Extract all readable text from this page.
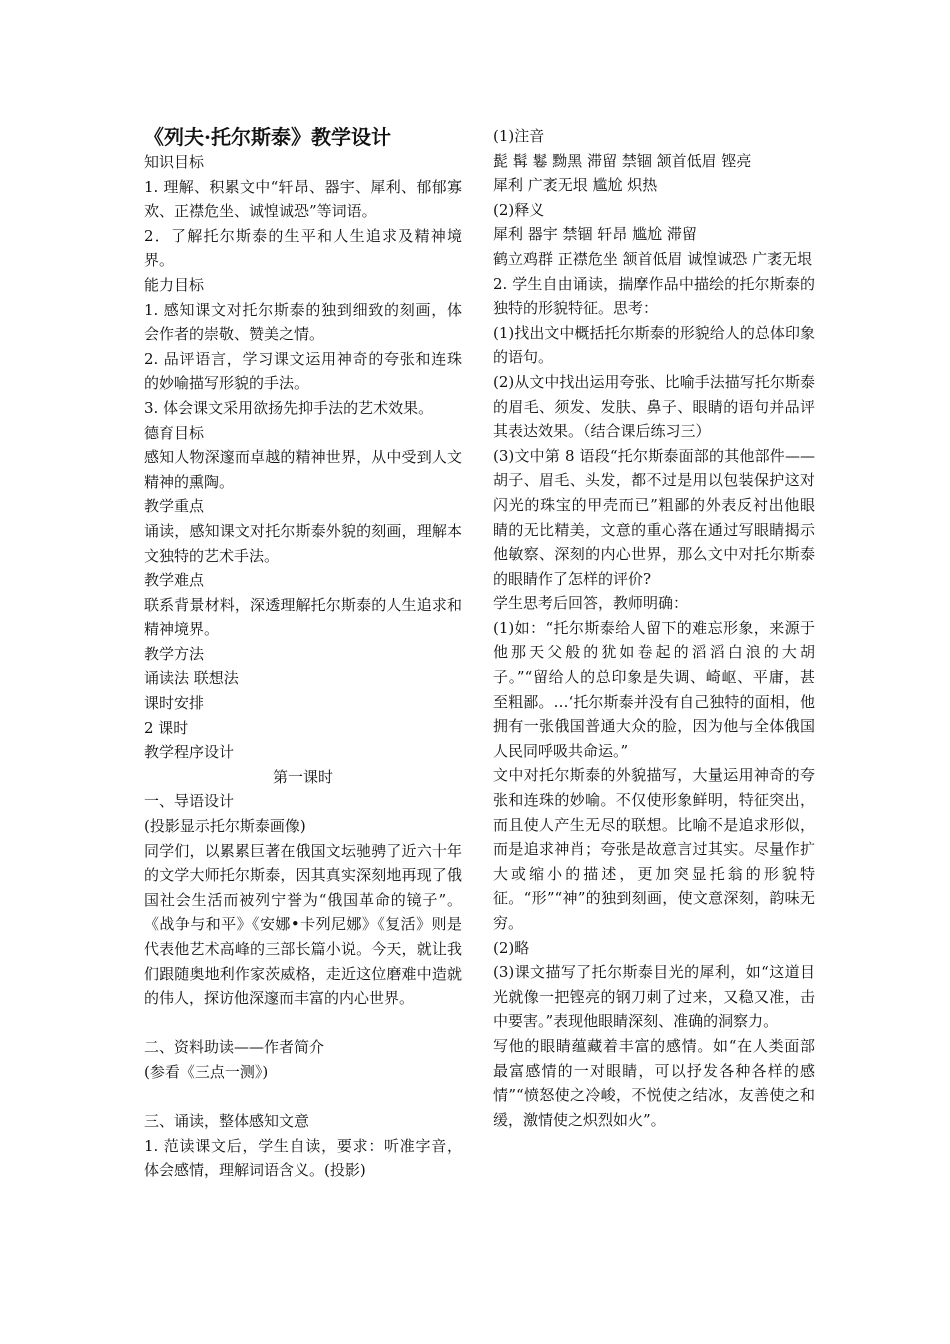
《列夫·托尔斯泰》教学设计

知识目标

1. 理解、积累文中“轩昂、器宇、犀利、郁郁寡欢、正襟危坐、诚惶诚恐”等词语。

2．了解托尔斯泰的生平和人生追求及精神境界。

能力目标

1. 感知课文对托尔斯泰的独到细致的刻画，体会作者的崇敬、赞美之情。

2. 品评语言，学习课文运用神奇的夸张和连珠的妙喻描写形貌的手法。

3. 体会课文采用欲扬先抑手法的艺术效果。

德育目标

感知人物深邃而卓越的精神世界，从中受到人文精神的熏陶。

教学重点

诵读，感知课文对托尔斯泰外貌的刻画，理解本文独特的艺术手法。

教学难点

联系背景材料，深透理解托尔斯泰的人生追求和精神境界。

教学方法

诵读法 联想法

课时安排

2 课时

教学程序设计

第一课时

一、导语设计

(投影显示托尔斯泰画像)

同学们，以累累巨著在俄国文坛驰骋了近六十年的文学大师托尔斯泰，因其真实深刻地再现了俄国社会生活而被列宁誉为“俄国革命的镜子”。《战争与和平》《安娜•卡列尼娜》《复活》则是代表他艺术高峰的三部长篇小说。今天，就让我们跟随奥地利作家茨威格，走近这位磨难中造就的伟人，探访他深邃而丰富的内心世界。

二、资料助读——作者简介

(参看《三点一测》)

三、诵读，整体感知文意

1. 范读课文后，学生自读，要求：听准字音，体会感情，理解词语含义。(投影)

(1)注音

髭 髯 鬈 黝黑 滞留 禁锢 颔首低眉 铿亮

犀利 广袤无垠 尴尬 炽热

(2)释义

犀利 器宇 禁锢 轩昂 尴尬 滞留

鹤立鸡群 正襟危坐 颔首低眉 诚惶诚恐 广袤无垠

2. 学生自由诵读，揣摩作品中描绘的托尔斯泰的独特的形貌特征。思考：

(1)找出文中概括托尔斯泰的形貌给人的总体印象的语句。

(2)从文中找出运用夸张、比喻手法描写托尔斯泰的眉毛、须发、发肤、鼻子、眼睛的语句并品评其表达效果。（结合课后练习三）

(3)文中第 8 语段“托尔斯泰面部的其他部件——胡子、眉毛、头发，都不过是用以包装保护这对闪光的珠宝的甲壳而已”粗鄙的外表反衬出他眼睛的无比精美，文意的重心落在通过写眼睛揭示他敏察、深刻的内心世界，那么文中对托尔斯泰的眼睛作了怎样的评价?

学生思考后回答，教师明确：

(1)如：“托尔斯泰给人留下的难忘形象，来源于他那天父般的犹如卷起的滔滔白浪的大胡子。”“留给人的总印象是失调、崎岖、平庸，甚至粗鄙。…‘托尔斯泰并没有自己独特的面相，他拥有一张俄国普通大众的脸，因为他与全体俄国人民同呼吸共命运。”

文中对托尔斯泰的外貌描写，大量运用神奇的夸张和连珠的妙喻。不仅使形象鲜明，特征突出，而且使人产生无尽的联想。比喻不是追求形似，而是追求神肖；夸张是故意言过其实。尽量作扩大或缩小的描述，更加突显托翁的形貌特征。“形”“神”的独到刻画，使文意深刻，韵味无穷。

(2)略

(3)课文描写了托尔斯泰目光的犀利，如“这道目光就像一把铿亮的钢刀刺了过来，又稳又准，击中要害。”表现他眼睛深刻、准确的洞察力。

写他的眼睛蕴藏着丰富的感情。如“在人类面部最富感情的一对眼睛，可以抒发各种各样的感情”“愤怒使之冷峻，不悦使之结冰，友善使之和缓，激情使之炽烈如火”。
